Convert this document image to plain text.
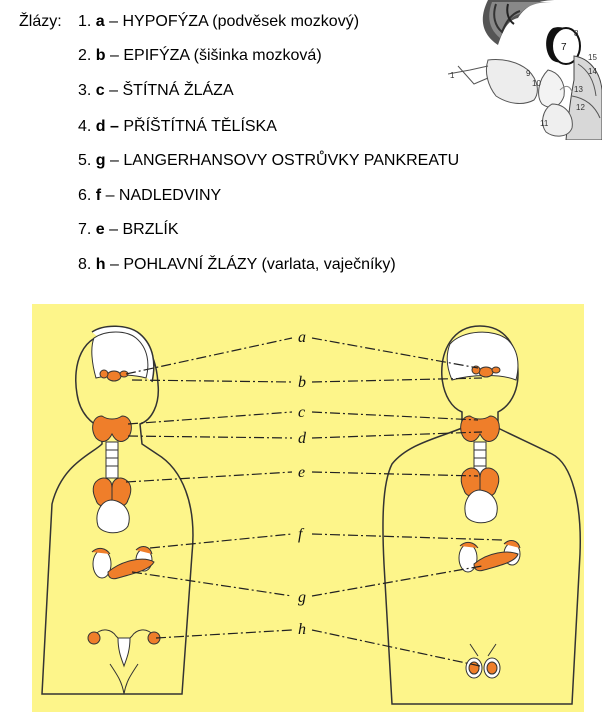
Žlázy: 1. a – HYPOFÝZA (podvěsek mozkový)
2. b – EPIFÝZA (šišinka mozková)
3. c – ŠTÍTNÁ ŽLÁZA
4. d – PŘÍŠTÍTNÁ TĚLÍSKA
5. g – LANGERHANSOVY OSTRŮVKY PANKREATU
6. f – NADLEDVINY
7. e – BRZLÍK
8. h – POHLAVNÍ ŽLÁZY (varlata, vaječníky)
7
1	9
10
11
12
13
14
15
8
a
b
c
d
e
f
g
h
